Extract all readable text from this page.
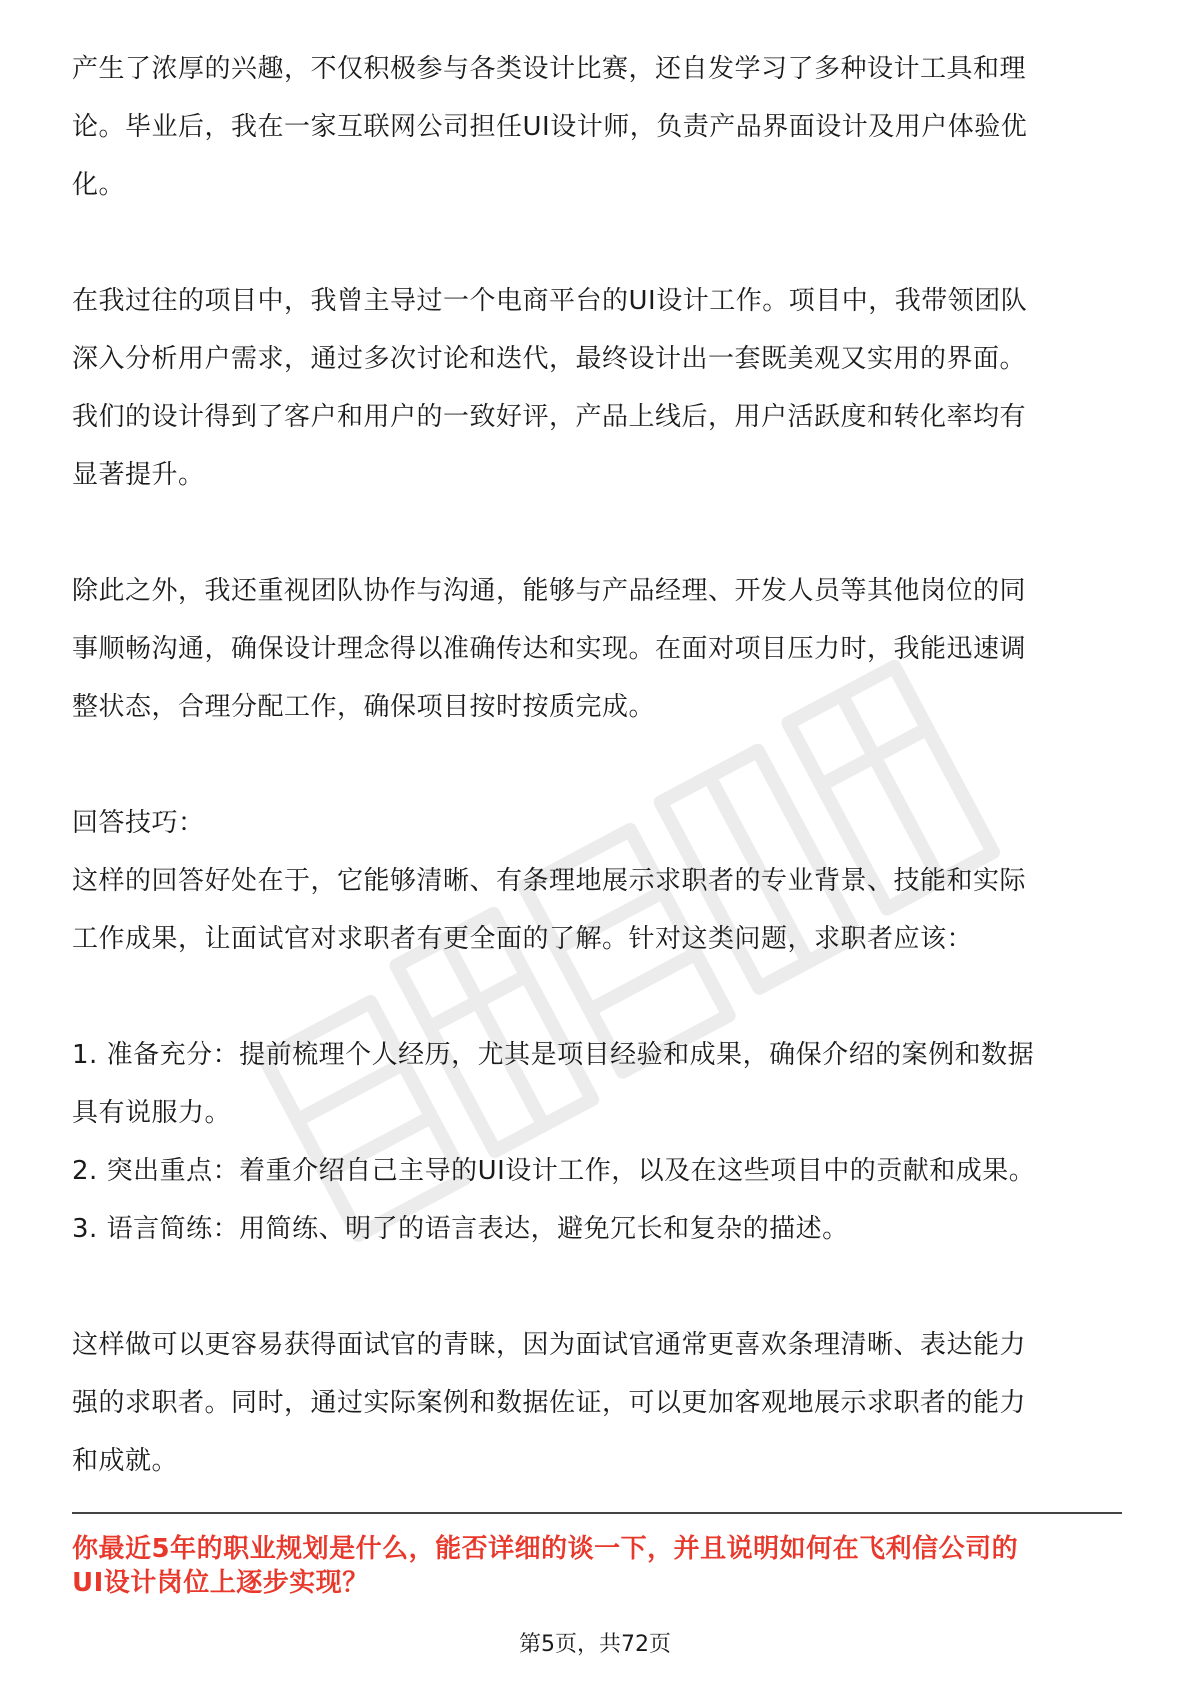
产生了浓厚的兴趣，不仅积极参与各类设计比赛，还自发学习了多种设计工具和理

论。毕业后，我在一家互联网公司担任UI设计师，负责产品界面设计及用户体验优

化。

在我过往的项目中，我曾主导过一个电商平台的UI设计工作。项目中，我带领团队

深入分析用户需求，通过多次讨论和迭代，最终设计出一套既美观又实用的界面。

我们的设计得到了客户和用户的一致好评，产品上线后，用户活跃度和转化率均有

显著提升。

除此之外，我还重视团队协作与沟通，能够与产品经理、开发人员等其他岗位的同

事顺畅沟通，确保设计理念得以准确传达和实现。在面对项目压力时，我能迅速调

整状态，合理分配工作，确保项目按时按质完成。

回答技巧：

这样的回答好处在于，它能够清晰、有条理地展示求职者的专业背景、技能和实际

工作成果，让面试官对求职者有更全面的了解。针对这类问题，求职者应该：

1. 准备充分：提前梳理个人经历，尤其是项目经验和成果，确保介绍的案例和数据

具有说服力。

2. 突出重点：着重介绍自己主导的UI设计工作，以及在这些项目中的贡献和成果。

3. 语言简练：用简练、明了的语言表达，避免冗长和复杂的描述。

这样做可以更容易获得面试官的青睐，因为面试官通常更喜欢条理清晰、表达能力

强的求职者。同时，通过实际案例和数据佐证，可以更加客观地展示求职者的能力

和成就。

你最近5年的职业规划是什么，能否详细的谈一下，并且说明如何在飞利信公司的
UI设计岗位上逐步实现？
第5页，共72页
